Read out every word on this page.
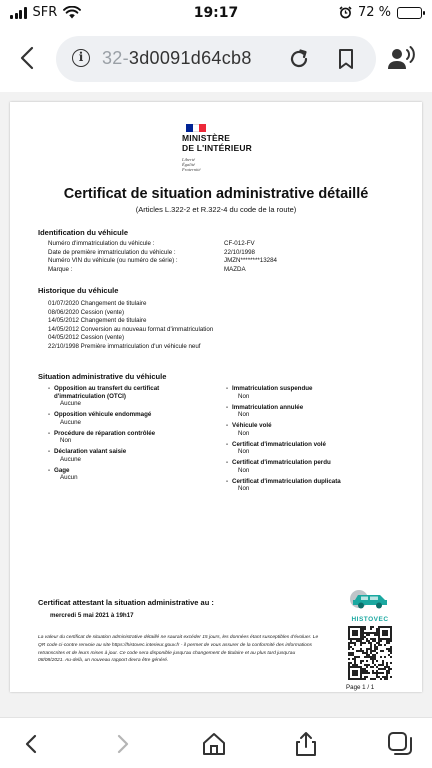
SFR	19:17	72 %
i	32-3d0091d64cb8
MINISTÈRE
DE L'INTÉRIEUR
Liberté
Égalité
Fraternité
Certificat de situation administrative détaillé
(Articles L.322-2 et R.322-4 du code de la route)
Identification du véhicule
Numéro d'immatriculation du véhicule :	CF-012-FV
Date de première immatriculation du véhicule :	22/10/1998
Numéro VIN du véhicule (ou numéro de série) :	JMZN********13284
Marque :	MAZDA
Historique du véhicule
01/07/2020 Changement de titulaire
08/06/2020 Cession (vente)
14/05/2012 Changement de titulaire
14/05/2012 Conversion au nouveau format d'immatriculation
04/05/2012 Cession (vente)
22/10/1998 Première immatriculation d'un véhicule neuf
Situation administrative du véhicule
- Opposition au transfert du certificat d'immatriculation (OTCI)
Aucune
- Opposition véhicule endommagé
Aucune
- Procédure de réparation contrôlée
Non
- Déclaration valant saisie
Aucune
- Gage
Aucun
- Immatriculation suspendue
Non
- Immatriculation annulée
Non
- Véhicule volé
Non
- Certificat d'immatriculation volé
Non
- Certificat d'immatriculation perdu
Non
- Certificat d'immatriculation duplicata
Non
Certificat attestant la situation administrative au :
mercredi 5 mai 2021 à 19h17
La valeur du certificat de situation administrative détaillé ne saurait excéder 15 jours, les données étant susceptibles d'évoluer. Le QR code ci-contre renvoie au site https://histovec.interieur.gouv.fr - il permet de vous assurer de la conformité des informations retranscrites et de leurs mises à jour. Ce code sera disponible jusqu'au changement de titulaire et au plus tard jusqu'au 08/08/2021. Au-delà, un nouveau rapport devra être généré.
HISTOVEC
Page 1 / 1
